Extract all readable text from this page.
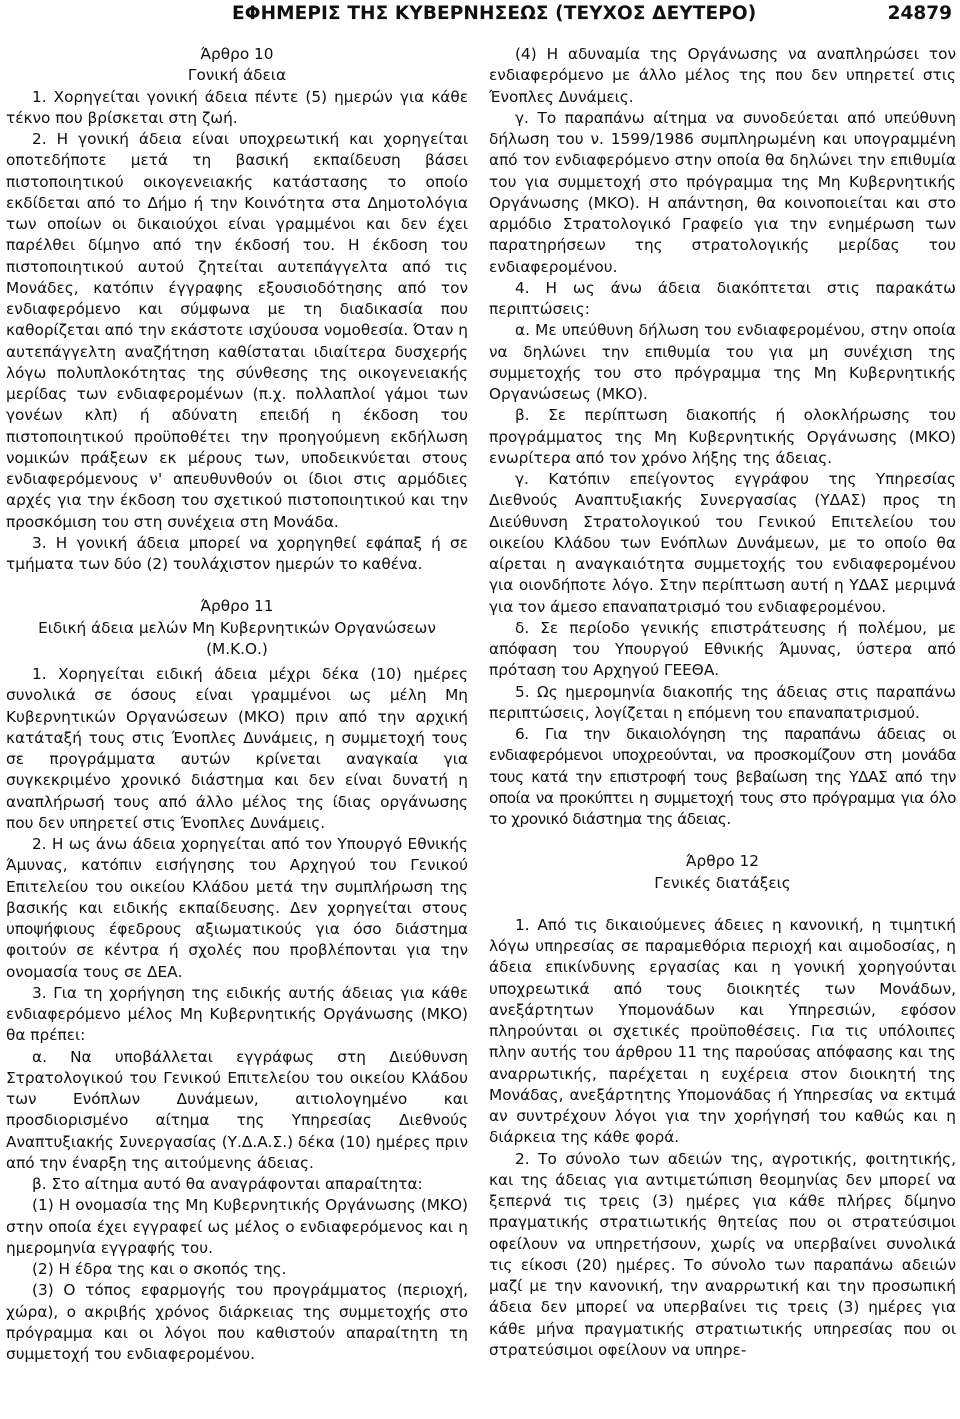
ΕΦΗΜΕΡΙΣ ΤΗΣ ΚΥΒΕΡΝΗΣΕΩΣ (ΤΕΥΧΟΣ ΔΕΥΤΕΡΟ)	24879

Άρθρο 10

Γονική άδεια

1. Χορηγείται γονική άδεια πέντε (5) ημερών για κάθε τέκνο που βρίσκεται στη ζωή.

2. Η γονική άδεια είναι υποχρεωτική και χορηγείται οποτεδήποτε μετά τη βασική εκπαίδευση βάσει πιστοποιητικού οικογενειακής κατάστασης το οποίο εκδίδεται από το Δήμο ή την Κοινότητα στα Δημοτολόγια των οποίων οι δικαιούχοι είναι γραμμένοι και δεν έχει παρέλθει δίμηνο από την έκδοσή του. Η έκδοση του πιστοποιητικού αυτού ζητείται αυτεπάγγελτα από τις Μονάδες, κατόπιν έγγραφης εξουσιοδότησης από τον ενδιαφερόμενο και σύμφωνα με τη διαδικασία που καθορίζεται από την εκάστοτε ισχύουσα νομοθεσία. Όταν η αυτεπάγγελτη αναζήτηση καθίσταται ιδιαίτερα δυσχερής λόγω πολυπλοκότητας της σύνθεσης της οικογενειακής μερίδας των ενδιαφερομένων (π.χ. πολλαπλοί γάμοι των γονέων κλπ) ή αδύνατη επειδή η έκδοση του πιστοποιητικού προϋποθέτει την προηγούμενη εκδήλωση νομικών πράξεων εκ μέρους των, υποδεικνύεται στους ενδιαφερόμενους ν' απευθυνθούν οι ίδιοι στις αρμόδιες αρχές για την έκδοση του σχετικού πιστοποιητικού και την προσκόμιση του στη συνέχεια στη Μονάδα.

3. Η γονική άδεια μπορεί να χορηγηθεί εφάπαξ ή σε τμήματα των δύο (2) τουλάχιστον ημερών το καθένα.

Άρθρο 11

Ειδική άδεια μελών Μη Κυβερνητικών Οργανώσεων (Μ.Κ.Ο.)

1. Χορηγείται ειδική άδεια μέχρι δέκα (10) ημέρες συνολικά σε όσους είναι γραμμένοι ως μέλη Μη Κυβερνητικών Οργανώσεων (ΜΚΟ) πριν από την αρχική κατάταξή τους στις Ένοπλες Δυνάμεις, η συμμετοχή τους σε προγράμματα αυτών κρίνεται αναγκαία για συγκεκριμένο χρονικό διάστημα και δεν είναι δυνατή η αναπλήρωσή τους από άλλο μέλος της ίδιας οργάνωσης που δεν υπηρετεί στις Ένοπλες Δυνάμεις.

2. Η ως άνω άδεια χορηγείται από τον Υπουργό Εθνικής Άμυνας, κατόπιν εισήγησης του Αρχηγού του Γενικού Επιτελείου του οικείου Κλάδου μετά την συμπλήρωση της βασικής και ειδικής εκπαίδευσης. Δεν χορηγείται στους υποψήφιους έφεδρους αξιωματικούς για όσο διάστημα φοιτούν σε κέντρα ή σχολές που προβλέπονται για την ονομασία τους σε ΔΕΑ.

3. Για τη χορήγηση της ειδικής αυτής άδειας για κάθε ενδιαφερόμενο μέλος Μη Κυβερνητικής Οργάνωσης (ΜΚΟ) θα πρέπει:

α. Να υποβάλλεται εγγράφως στη Διεύθυνση Στρατολογικού του Γενικού Επιτελείου του οικείου Κλάδου των Ενόπλων Δυνάμεων, αιτιολογημένο και προσδιορισμένο αίτημα της Υπηρεσίας Διεθνούς Αναπτυξιακής Συνεργασίας (Υ.Δ.Α.Σ.) δέκα (10) ημέρες πριν από την έναρξη της αιτούμενης άδειας.

β. Στο αίτημα αυτό θα αναγράφονται απαραίτητα:

(1) Η ονομασία της Μη Κυβερνητικής Οργάνωσης (ΜΚΟ) στην οποία έχει εγγραφεί ως μέλος ο ενδιαφερόμενος και η ημερομηνία εγγραφής του.

(2) Η έδρα της και ο σκοπός της.

(3) Ο τόπος εφαρμογής του προγράμματος (περιοχή, χώρα), ο ακριβής χρόνος διάρκειας της συμμετοχής στο πρόγραμμα και οι λόγοι που καθιστούν απαραίτητη τη συμμετοχή του ενδιαφερομένου.

(4) Η αδυναμία της Οργάνωσης να αναπληρώσει τον ενδιαφερόμενο με άλλο μέλος της που δεν υπηρετεί στις Ένοπλες Δυνάμεις.

γ. Το παραπάνω αίτημα να συνοδεύεται από υπεύθυνη δήλωση του ν. 1599/1986 συμπληρωμένη και υπογραμμένη από τον ενδιαφερόμενο στην οποία θα δηλώνει την επιθυμία του για συμμετοχή στο πρόγραμμα της Μη Κυβερνητικής Οργάνωσης (ΜΚΟ). Η απάντηση, θα κοινοποιείται και στο αρμόδιο Στρατολογικό Γραφείο για την ενημέρωση των παρατηρήσεων της στρατολογικής μερίδας του ενδιαφερομένου.

4. Η ως άνω άδεια διακόπτεται στις παρακάτω περιπτώσεις:

α. Με υπεύθυνη δήλωση του ενδιαφερομένου, στην οποία να δηλώνει την επιθυμία του για μη συνέχιση της συμμετοχής του στο πρόγραμμα της Μη Κυβερνητικής Οργανώσεως (ΜΚΟ).

β. Σε περίπτωση διακοπής ή ολοκλήρωσης του προγράμματος της Μη Κυβερνητικής Οργάνωσης (ΜΚΟ) ενωρίτερα από τον χρόνο λήξης της άδειας.

γ. Κατόπιν επείγοντος εγγράφου της Υπηρεσίας Διεθνούς Αναπτυξιακής Συνεργασίας (ΥΔΑΣ) προς τη Διεύθυνση Στρατολογικού του Γενικού Επιτελείου του οικείου Κλάδου των Ενόπλων Δυνάμεων, με το οποίο θα αίρεται η αναγκαιότητα συμμετοχής του ενδιαφερομένου για οιονδήποτε λόγο. Στην περίπτωση αυτή η ΥΔΑΣ μεριμνά για τον άμεσο επαναπατρισμό του ενδιαφερομένου.

δ. Σε περίοδο γενικής επιστράτευσης ή πολέμου, με απόφαση του Υπουργού Εθνικής Άμυνας, ύστερα από πρόταση του Αρχηγού ΓΕΕΘΑ.

5. Ως ημερομηνία διακοπής της άδειας στις παραπάνω περιπτώσεις, λογίζεται η επόμενη του επαναπατρισμού.

6. Για την δικαιολόγηση της παραπάνω άδειας οι ενδιαφερόμενοι υποχρεούνται, να προσκομίζουν στη μονάδα τους κατά την επιστροφή τους βεβαίωση της ΥΔΑΣ από την οποία να προκύπτει η συμμετοχή τους στο πρόγραμμα για όλο το χρονικό διάστημα της άδειας.

Άρθρο 12

Γενικές διατάξεις

1. Από τις δικαιούμενες άδειες η κανονική, η τιμητική λόγω υπηρεσίας σε παραμεθόρια περιοχή και αιμοδοσίας, η άδεια επικίνδυνης εργασίας και η γονική χορηγούνται υποχρεωτικά από τους διοικητές των Μονάδων, ανεξάρτητων Υπομονάδων και Υπηρεσιών, εφόσον πληρούνται οι σχετικές προϋποθέσεις. Για τις υπόλοιπες πλην αυτής του άρθρου 11 της παρούσας απόφασης και της αναρρωτικής, παρέχεται η ευχέρεια στον διοικητή της Μονάδας, ανεξάρτητης Υπομονάδας ή Υπηρεσίας να εκτιμά αν συντρέχουν λόγοι για την χορήγησή του καθώς και η διάρκεια της κάθε φορά.

2. Το σύνολο των αδειών της, αγροτικής, φοιτητικής, και της άδειας για αντιμετώπιση θεομηνίας δεν μπορεί να ξεπερνά τις τρεις (3) ημέρες για κάθε πλήρες δίμηνο πραγματικής στρατιωτικής θητείας που οι στρατεύσιμοι οφείλουν να υπηρετήσουν, χωρίς να υπερβαίνει συνολικά τις είκοσι (20) ημέρες. Το σύνολο των παραπάνω αδειών μαζί με την κανονική, την αναρρωτική και την προσωπική άδεια δεν μπορεί να υπερβαίνει τις τρεις (3) ημέρες για κάθε μήνα πραγματικής στρατιωτικής υπηρεσίας που οι στρατεύσιμοι οφείλουν να υπηρε-
